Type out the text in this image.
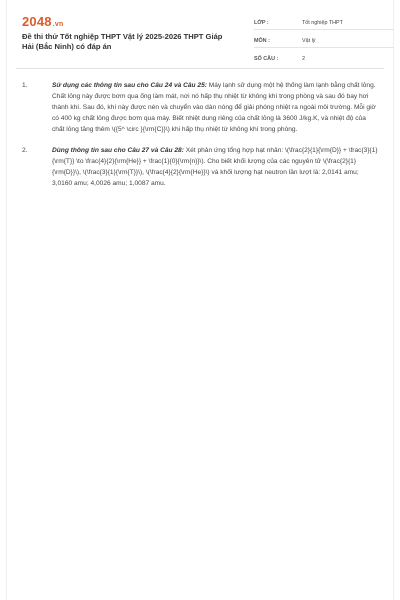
2048.vn
Đề thi thử Tốt nghiệp THPT Vật lý 2025-2026 THPT Giáp Hải (Bắc Ninh) có đáp án
LỚP :	Tốt nghiệp THPT
MÔN :	Vật lý
SỐ CÂU :	2
1.	Sử dụng các thông tin sau cho Câu 24 và Câu 25: Máy lạnh sử dụng một hệ thống làm lạnh bằng chất lỏng. Chất lỏng này được bơm qua ống làm mát, nơi nó hấp thụ nhiệt từ không khí trong phòng và sau đó bay hơi thành khí. Sau đó, khí này được nén và chuyển vào dàn nóng để giải phóng nhiệt ra ngoài môi trường. Mỗi giờ có 400 kg chất lỏng được bơm qua máy. Biết nhiệt dung riêng của chất lỏng là 3600 J/kg.K, và nhiệt độ của chất lỏng tăng thêm \({5^ \circ }{\rm{C}}\) khi hấp thụ nhiệt từ không khí trong phòng.
2.	Dùng thông tin sau cho Câu 27 và Câu 28: Xét phản ứng tổng hợp hạt nhân: \(\frac{2}{1}{\rm{D}} + \frac{3}{1}{\rm{T}} \to \frac{4}{2}{\rm{He}} + \frac{1}{0}{\rm{n}}\). Cho biết khối lượng của các nguyên tử \(\frac{2}{1}{\rm{D}}\), \(\frac{3}{1}{\rm{T}}\), \(\frac{4}{2}{\rm{He}}\) và khối lượng hạt neutron lần lượt là: 2,0141 amu; 3,0160 amu; 4,0026 amu; 1,0087 amu.
